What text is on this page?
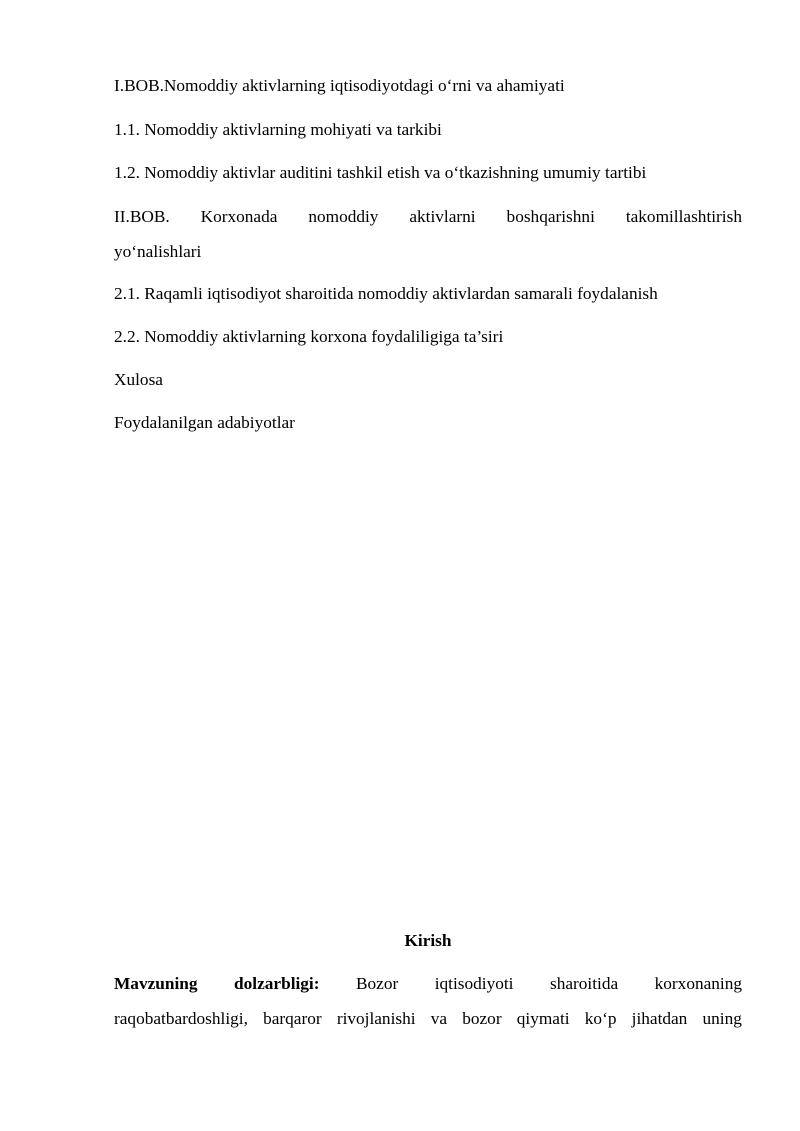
I.BOB.Nomoddiy aktivlarning iqtisodiyotdagi o‘rni va ahamiyati
1.1. Nomoddiy aktivlarning mohiyati va tarkibi
1.2. Nomoddiy aktivlar auditini tashkil etish va o‘tkazishning umumiy tartibi
II.BOB. Korxonada nomoddiy aktivlarni boshqarishni takomillashtirish
yo‘nalishlari
2.1. Raqamli iqtisodiyot sharoitida nomoddiy aktivlardan samarali foydalanish
2.2. Nomoddiy aktivlarning korxona foydaliligiga ta’siri
Xulosa
Foydalanilgan adabiyotlar
Kirish
Mavzuning dolzarbligi: Bozor iqtisodiyoti sharoitida korxonaning
raqobatbardoshligi, barqaror rivojlanishi va bozor qiymati ko‘p jihatdan uning
